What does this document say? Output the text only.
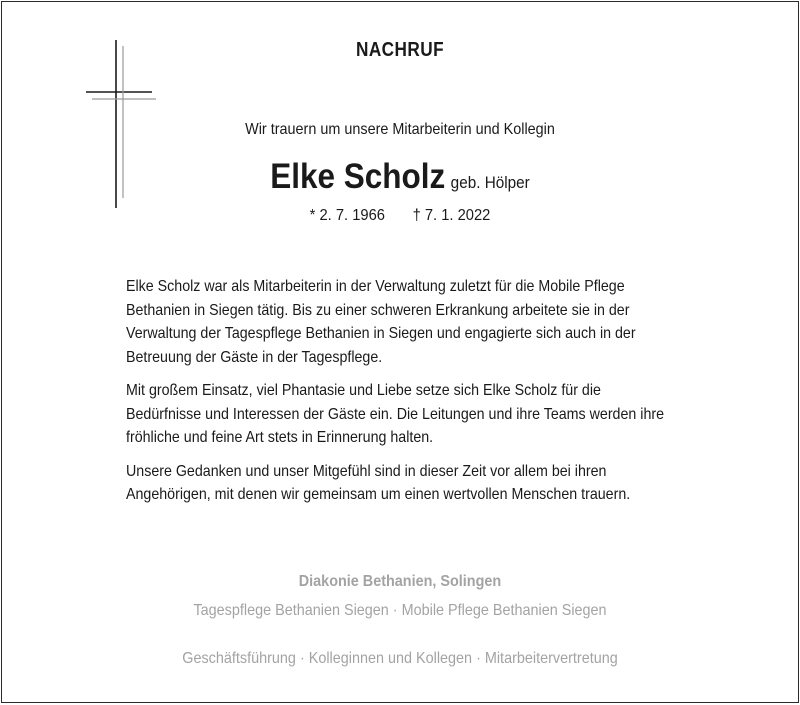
NACHRUF
Wir trauern um unsere Mitarbeiterin und Kollegin
Elke Scholz geb. Hölper
* 2. 7. 1966 † 7. 1. 2022

Elke Scholz war als Mitarbeiterin in der Verwaltung zuletzt für die Mobile Pflege Bethanien in Siegen tätig. Bis zu einer schweren Erkrankung arbeitete sie in der Verwaltung der Tagespflege Bethanien in Siegen und engagierte sich auch in der Betreuung der Gäste in der Tagespflege.

Mit großem Einsatz, viel Phantasie und Liebe setze sich Elke Scholz für die Bedürfnisse und Interessen der Gäste ein. Die Leitungen und ihre Teams werden ihre fröhliche und feine Art stets in Erinnerung halten.

Unsere Gedanken und unser Mitgefühl sind in dieser Zeit vor allem bei ihren Angehörigen, mit denen wir gemeinsam um einen wertvollen Menschen trauern.

Diakonie Bethanien, Solingen
Tagespflege Bethanien Siegen · Mobile Pflege Bethanien Siegen
Geschäftsführung · Kolleginnen und Kollegen · Mitarbeitervertretung
